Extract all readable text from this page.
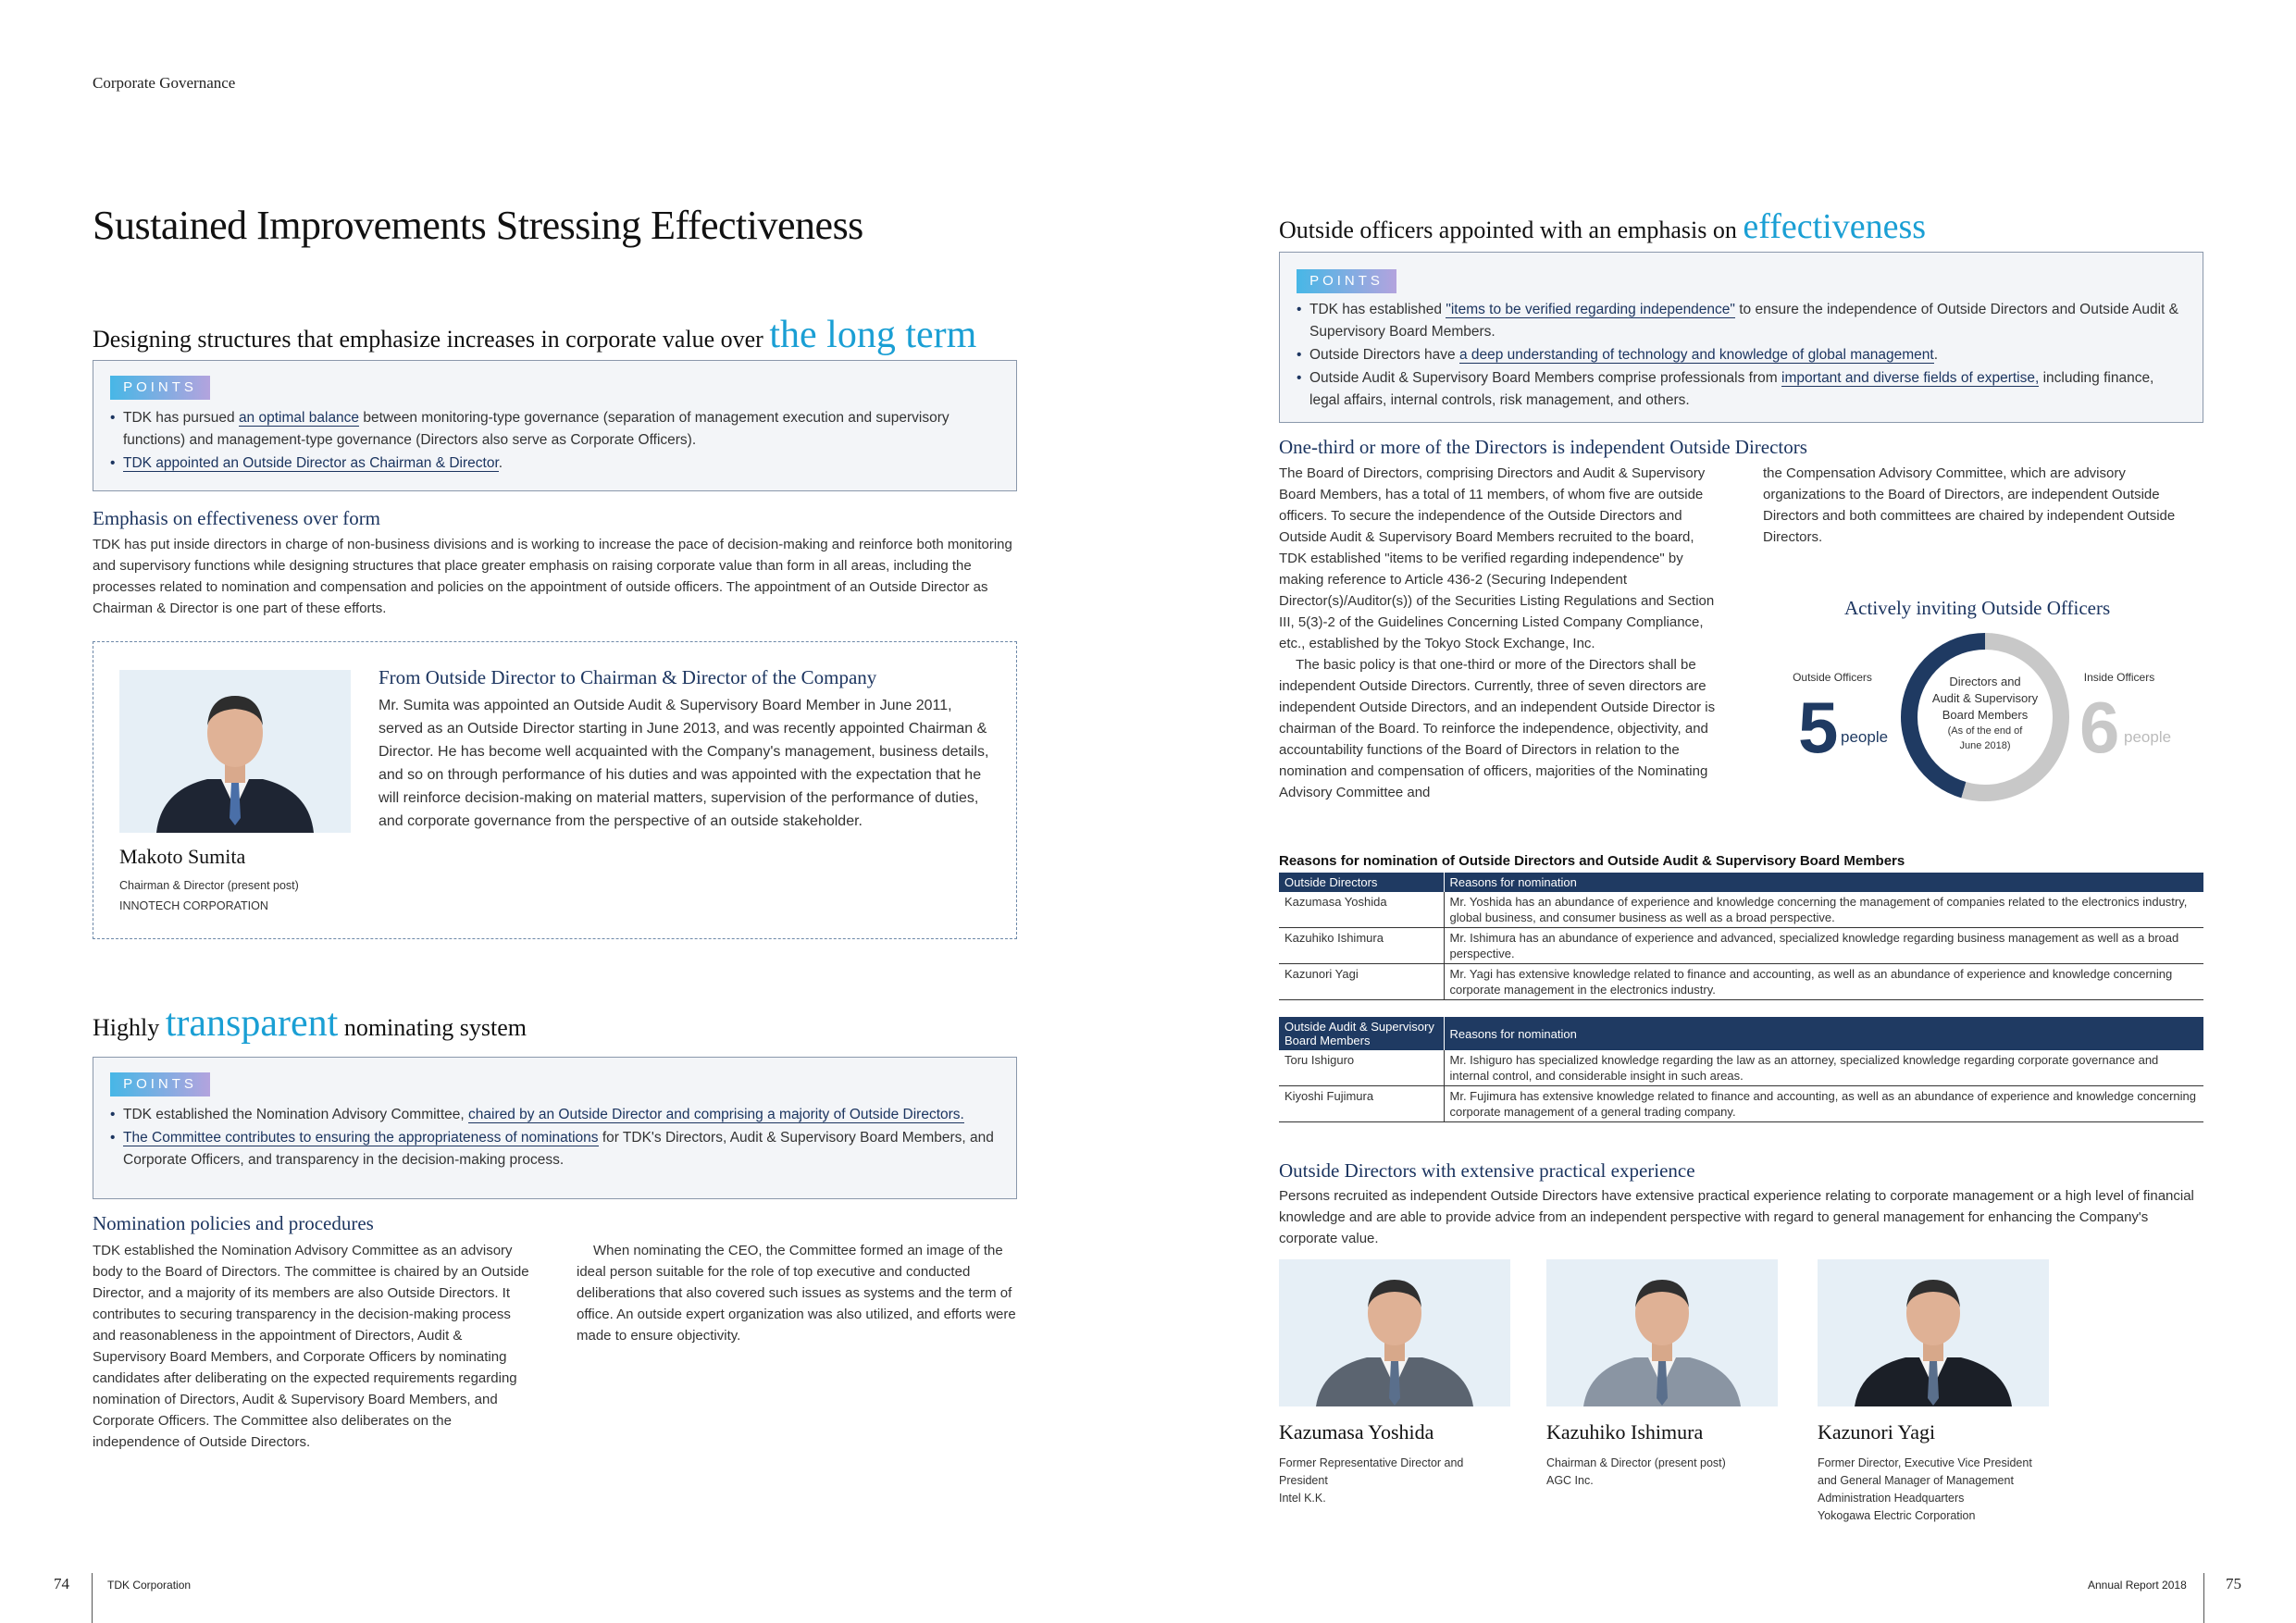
Corporate Governance
Sustained Improvements Stressing Effectiveness
Designing structures that emphasize increases in corporate value over the long term
POINTS
• TDK has pursued an optimal balance between monitoring-type governance (separation of management execution and supervisory functions) and management-type governance (Directors also serve as Corporate Officers).
• TDK appointed an Outside Director as Chairman & Director.
Emphasis on effectiveness over form
TDK has put inside directors in charge of non-business divisions and is working to increase the pace of decision-making and reinforce both monitoring and supervisory functions while designing structures that place greater emphasis on raising corporate value than form in all areas, including the processes related to nomination and compensation and policies on the appointment of outside officers. The appointment of an Outside Director as Chairman & Director is one part of these efforts.
Makoto Sumita
Chairman & Director (present post)
INNOTECH CORPORATION
From Outside Director to Chairman & Director of the Company
Mr. Sumita was appointed an Outside Audit & Supervisory Board Member in June 2011, served as an Outside Director starting in June 2013, and was recently appointed Chairman & Director. He has become well acquainted with the Company's management, business details, and so on through performance of his duties and was appointed with the expectation that he will reinforce decision-making on material matters, supervision of the performance of duties, and corporate governance from the perspective of an outside stakeholder.
Highly transparent nominating system
POINTS
• TDK established the Nomination Advisory Committee, chaired by an Outside Director and comprising a majority of Outside Directors.
• The Committee contributes to ensuring the appropriateness of nominations for TDK's Directors, Audit & Supervisory Board Members, and Corporate Officers, and transparency in the decision-making process.
Nomination policies and procedures
TDK established the Nomination Advisory Committee as an advisory body to the Board of Directors. The committee is chaired by an Outside Director, and a majority of its members are also Outside Directors. It contributes to securing transparency in the decision-making process and reasonableness in the appointment of Directors, Audit & Supervisory Board Members, and Corporate Officers by nominating candidates after deliberating on the expected requirements regarding nomination of Directors, Audit & Supervisory Board Members, and Corporate Officers. The Committee also deliberates on the independence of Outside Directors.
When nominating the CEO, the Committee formed an image of the ideal person suitable for the role of top executive and conducted deliberations that also covered such issues as systems and the term of office. An outside expert organization was also utilized, and efforts were made to ensure objectivity.
74	TDK Corporation
Outside officers appointed with an emphasis on effectiveness
POINTS
• TDK has established "items to be verified regarding independence" to ensure the independence of Outside Directors and Outside Audit & Supervisory Board Members.
• Outside Directors have a deep understanding of technology and knowledge of global management.
• Outside Audit & Supervisory Board Members comprise professionals from important and diverse fields of expertise, including finance, legal affairs, internal controls, risk management, and others.
One-third or more of the Directors is independent Outside Directors
The Board of Directors, comprising Directors and Audit & Supervisory Board Members, has a total of 11 members, of whom five are outside officers. To secure the independence of the Outside Directors and Outside Audit & Supervisory Board Members recruited to the board, TDK established "items to be verified regarding independence" by making reference to Article 436-2 (Securing Independent Director(s)/Auditor(s)) of the Securities Listing Regulations and Section III, 5(3)-2 of the Guidelines Concerning Listed Company Compliance, etc., established by the Tokyo Stock Exchange, Inc.
The basic policy is that one-third or more of the Directors shall be independent Outside Directors. Currently, three of seven directors are independent Outside Directors, and an independent Outside Director is chairman of the Board. To reinforce the independence, objectivity, and accountability functions of the Board of Directors in relation to the nomination and compensation of officers, majorities of the Nominating Advisory Committee and
the Compensation Advisory Committee, which are advisory organizations to the Board of Directors, are independent Outside Directors and both committees are chaired by independent Outside Directors.
Actively inviting Outside Officers
Outside Officers
5 people
Inside Officers
6 people
Directors and
Audit & Supervisory
Board Members
(As of the end of
June 2018)
Reasons for nomination of Outside Directors and Outside Audit & Supervisory Board Members
Outside Directors	Reasons for nomination
Kazumasa Yoshida	Mr. Yoshida has an abundance of experience and knowledge concerning the management of companies related to the electronics industry, global business, and consumer business as well as a broad perspective.
Kazuhiko Ishimura	Mr. Ishimura has an abundance of experience and advanced, specialized knowledge regarding business management as well as a broad perspective.
Kazunori Yagi	Mr. Yagi has extensive knowledge related to finance and accounting, as well as an abundance of experience and knowledge concerning corporate management in the electronics industry.
Outside Audit & Supervisory Board Members	Reasons for nomination
Toru Ishiguro	Mr. Ishiguro has specialized knowledge regarding the law as an attorney, specialized knowledge regarding corporate governance and internal control, and considerable insight in such areas.
Kiyoshi Fujimura	Mr. Fujimura has extensive knowledge related to finance and accounting, as well as an abundance of experience and knowledge concerning corporate management of a general trading company.
Outside Directors with extensive practical experience
Persons recruited as independent Outside Directors have extensive practical experience relating to corporate management or a high level of financial knowledge and are able to provide advice from an independent perspective with regard to general management for enhancing the Company's corporate value.
Kazumasa Yoshida
Former Representative Director and
President
Intel K.K.
Kazuhiko Ishimura
Chairman & Director (present post)
AGC Inc.
Kazunori Yagi
Former Director, Executive Vice President
and General Manager of Management
Administration Headquarters
Yokogawa Electric Corporation
Annual Report 2018 75
